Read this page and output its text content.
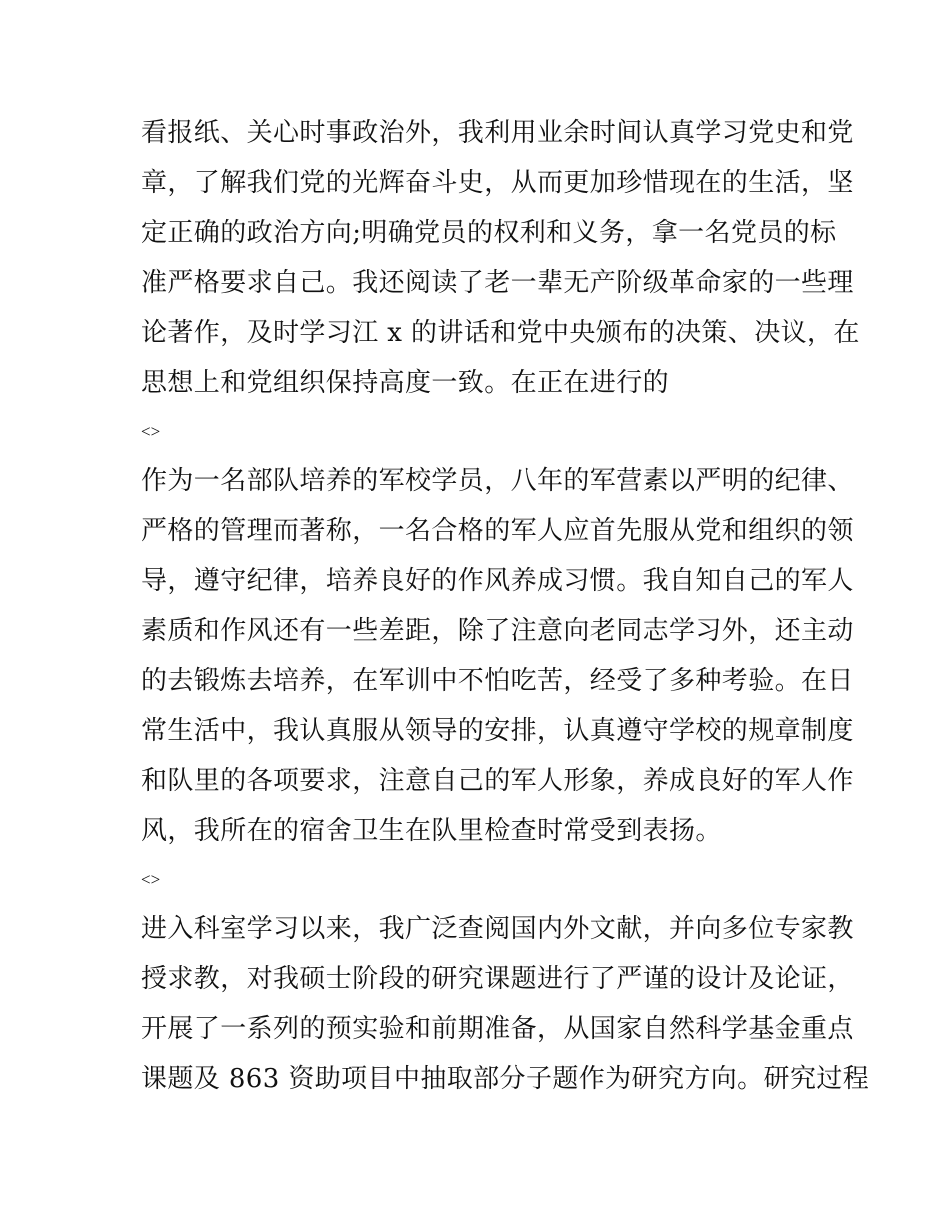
看报纸、关心时事政治外，我利用业余时间认真学习党史和党
章，了解我们党的光辉奋斗史，从而更加珍惜现在的生活，坚
定正确的政治方向;明确党员的权利和义务，拿一名党员的标
准严格要求自己。我还阅读了老一辈无产阶级革命家的一些理
论著作，及时学习江 x 的讲话和党中央颁布的决策、决议，在
思想上和党组织保持高度一致。在正在进行的
<>
作为一名部队培养的军校学员，八年的军营素以严明的纪律、
严格的管理而著称，一名合格的军人应首先服从党和组织的领
导，遵守纪律，培养良好的作风养成习惯。我自知自己的军人
素质和作风还有一些差距，除了注意向老同志学习外，还主动
的去锻炼去培养，在军训中不怕吃苦，经受了多种考验。在日
常生活中，我认真服从领导的安排，认真遵守学校的规章制度
和队里的各项要求，注意自己的军人形象，养成良好的军人作
风，我所在的宿舍卫生在队里检查时常受到表扬。
<>
进入科室学习以来，我广泛查阅国内外文献，并向多位专家教
授求教，对我硕士阶段的研究课题进行了严谨的设计及论证，
开展了一系列的预实验和前期准备，从国家自然科学基金重点
课题及 863 资助项目中抽取部分子题作为研究方向。研究过程
